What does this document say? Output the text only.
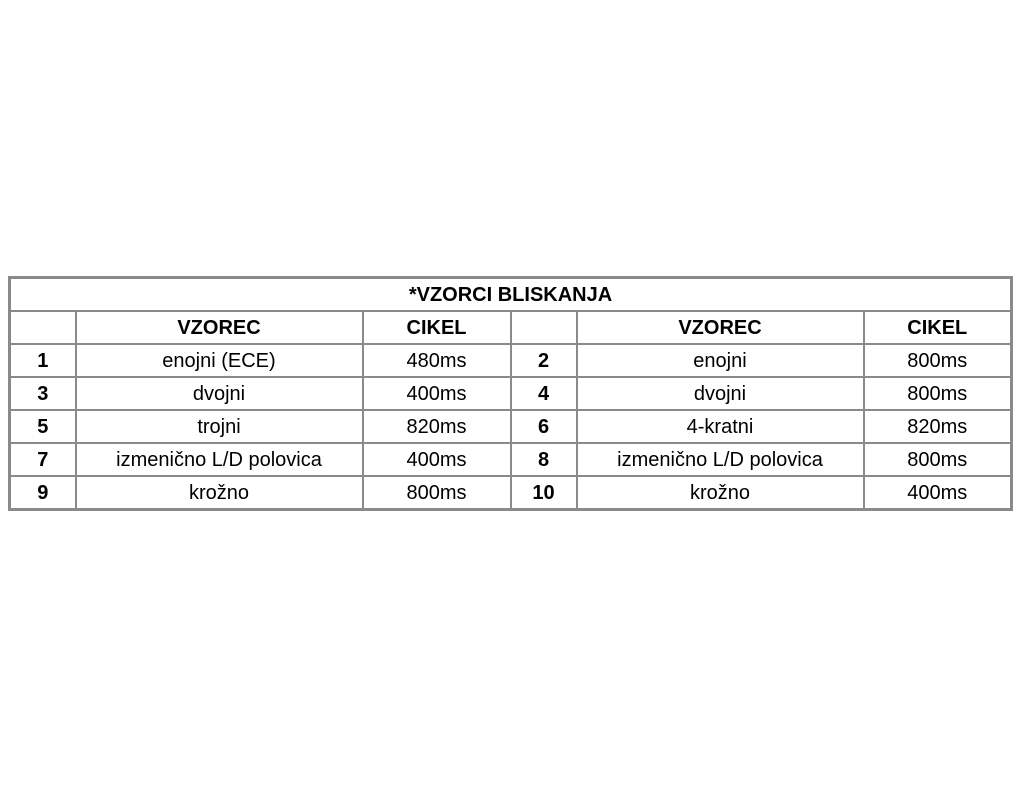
*VZORCI BLISKANJA					
	VZOREC	CIKEL		VZOREC	CIKEL
1	enojni (ECE)	480ms	2	enojni	800ms
3	dvojni	400ms	4	dvojni	800ms
5	trojni	820ms	6	4-kratni	820ms
7	izmenično L/D polovica	400ms	8	izmenično L/D polovica	800ms
9	krožno	800ms	10	krožno	400ms
